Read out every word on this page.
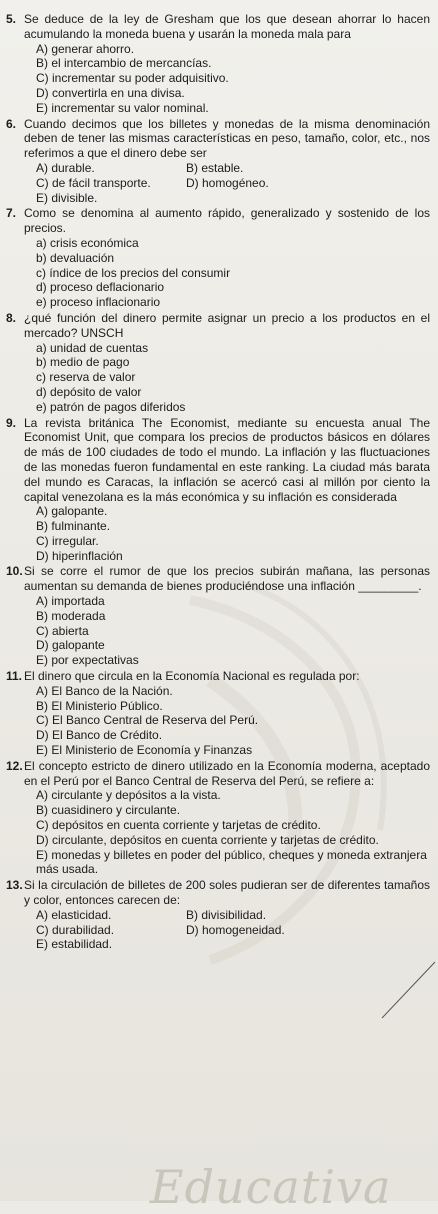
5. Se deduce de la ley de Gresham que los que desean ahorrar lo hacen acumulando la moneda buena y usarán la moneda mala para
A) generar ahorro.
B) el intercambio de mercancías.
C) incrementar su poder adquisitivo.
D) convertirla en una divisa.
E) incrementar su valor nominal.
6. Cuando decimos que los billetes y monedas de la misma denominación deben de tener las mismas características en peso, tamaño, color, etc., nos referimos a que el dinero debe ser
A) durable.	B) estable.
C) de fácil transporte.	D) homogéneo.
E) divisible.
7. Como se denomina al aumento rápido, generalizado y sostenido de los precios.
a) crisis económica
b) devaluación
c) índice de los precios del consumir
d) proceso deflacionario
e) proceso inflacionario
8. ¿qué función del dinero permite asignar un precio a los productos en el mercado? UNSCH
a) unidad de cuentas
b) medio de pago
c) reserva de valor
d) depósito de valor
e) patrón de pagos diferidos
9. La revista británica The Economist, mediante su encuesta anual The Economist Unit, que compara los precios de productos básicos en dólares de más de 100 ciudades de todo el mundo. La inflación y las fluctuaciones de las monedas fueron fundamental en este ranking. La ciudad más barata del mundo es Caracas, la inflación se acercó casi al millón por ciento la capital venezolana es la más económica y su inflación es considerada
A) galopante.
B) fulminante.
C) irregular.
D) hiperinflación
10. Si se corre el rumor de que los precios subirán mañana, las personas aumentan su demanda de bienes produciéndose una inflación _________.
A) importada
B) moderada
C) abierta
D) galopante
E) por expectativas
11. El dinero que circula en la Economía Nacional es regulada por:
A) El Banco de la Nación.
B) El Ministerio Público.
C) El Banco Central de Reserva del Perú.
D) El Banco de Crédito.
E) El Ministerio de Economía y Finanzas
12. El concepto estricto de dinero utilizado en la Economía moderna, aceptado en el Perú por el Banco Central de Reserva del Perú, se refiere a:
A) circulante y depósitos a la vista.
B) cuasidinero y circulante.
C) depósitos en cuenta corriente y tarjetas de crédito.
D) circulante, depósitos en cuenta corriente y tarjetas de crédito.
E) monedas y billetes en poder del público, cheques y moneda extranjera más usada.
13. Si la circulación de billetes de 200 soles pudieran ser de diferentes tamaños y color, entonces carecen de:
A) elasticidad.	B) divisibilidad.
C) durabilidad.	D) homogeneidad.
E) estabilidad.
Educativa
